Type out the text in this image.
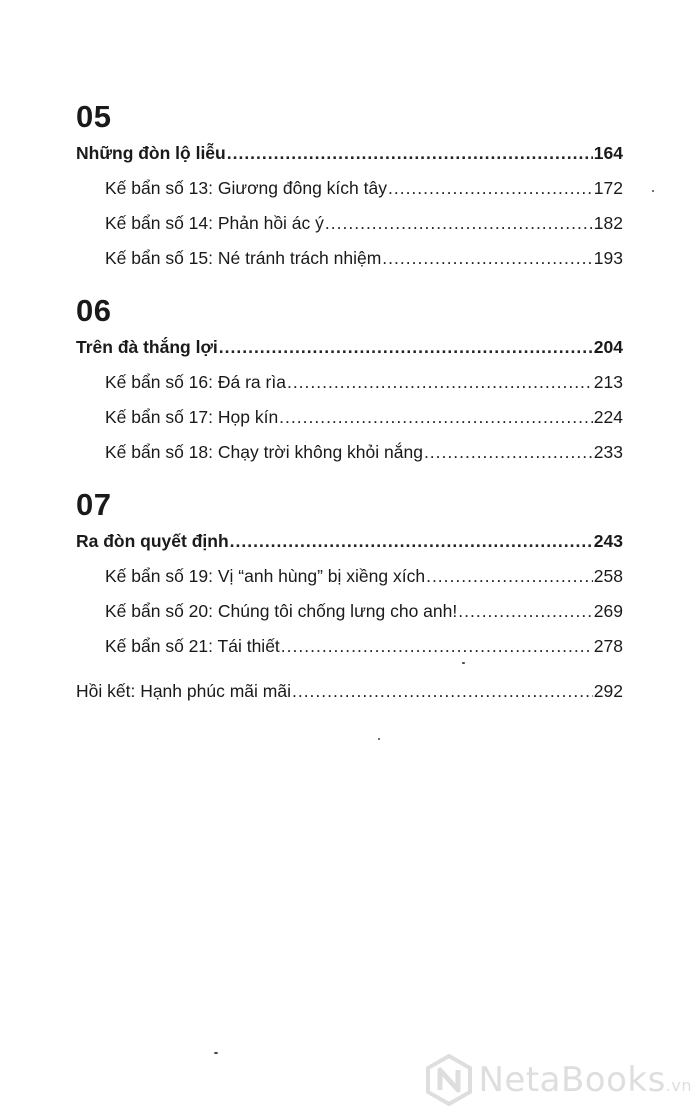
05
Những đòn lộ liễu .....	164
Kế bẩn số 13: Giương đông kích tây .....	172
Kế bẩn số 14: Phản hồi ác ý .....	182
Kế bẩn số 15: Né tránh trách nhiệm .....	193
06
Trên đà thắng lợi .....	204
Kế bẩn số 16: Đá ra rìa .....	213
Kế bẩn số 17: Họp kín .....	224
Kế bẩn số 18: Chạy trời không khỏi nắng .....	233
07
Ra đòn quyết định .....	243
Kế bẩn số 19: Vị “anh hùng” bị xiềng xích .....	258
Kế bẩn số 20: Chúng tôi chống lưng cho anh! .....	269
Kế bẩn số 21: Tái thiết .....	278
Hồi kết: Hạnh phúc mãi mãi .....	292
NetaBooks.vn
